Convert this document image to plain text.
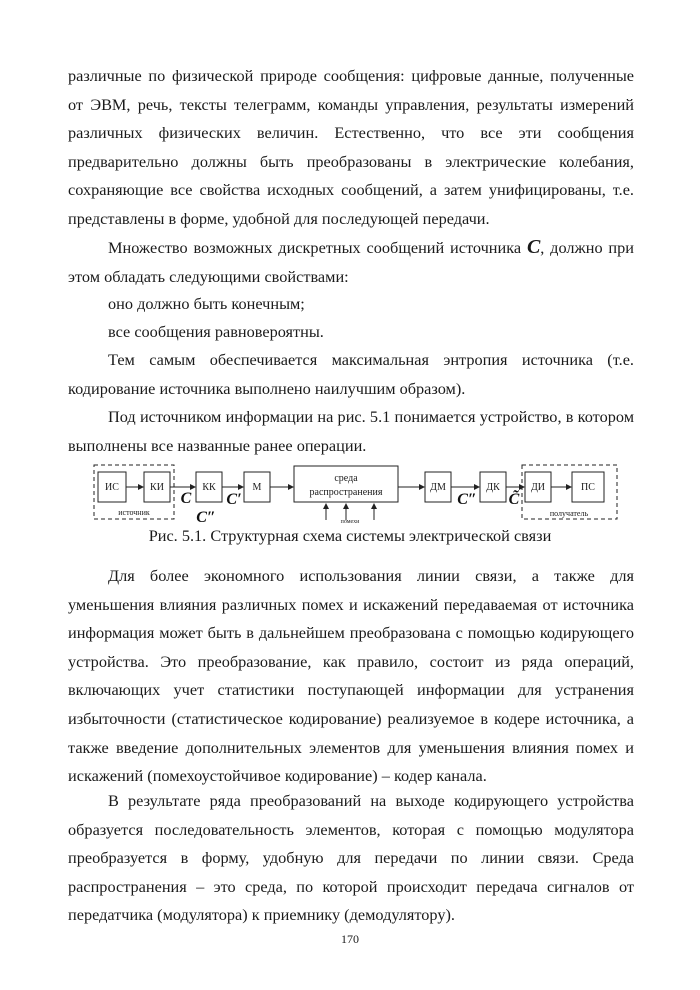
различные по физической природе сообщения: цифровые данные, полученные от ЭВМ, речь, тексты телеграмм, команды управления, результаты измерений различных физических величин. Естественно, что все эти сообщения предварительно должны быть преобразованы в электрические колебания, сохраняющие все свойства исходных сообщений, а затем унифицированы, т.е. представлены в форме, удобной для последующей передачи.

Множество возможных дискретных сообщений источника C, должно при этом обладать следующими свойствами:

оно должно быть конечным;

все сообщения равновероятны.

Тем самым обеспечивается максимальная энтропия источника (т.е. кодирование источника выполнено наилучшим образом).

Под источником информации на рис. 5.1 понимается устройство, в котором выполнены все названные ранее операции.

ИС	КИ	КК	М
среда
распространения	ДМ	ДК	ДИ	ПС
источник	получатель
помехи
C C′
C″
C″ C̃

Рис. 5.1. Структурная схема системы электрической связи

Для более экономного использования линии связи, а также для уменьшения влияния различных помех и искажений передаваемая от источника информация может быть в дальнейшем преобразована с помощью кодирующего устройства. Это преобразование, как правило, состоит из ряда операций, включающих учет статистики поступающей информации для устранения избыточности (статистическое кодирование) реализуемое в кодере источника, а также введение дополнительных элементов для уменьшения влияния помех и искажений (помехоустойчивое кодирование) – кодер канала.

В результате ряда преобразований на выходе кодирующего устройства образуется последовательность элементов, которая с помощью модулятора преобразуется в форму, удобную для передачи по линии связи. Среда распространения – это среда, по которой происходит передача сигналов от передатчика (модулятора) к приемнику (демодулятору).

170
